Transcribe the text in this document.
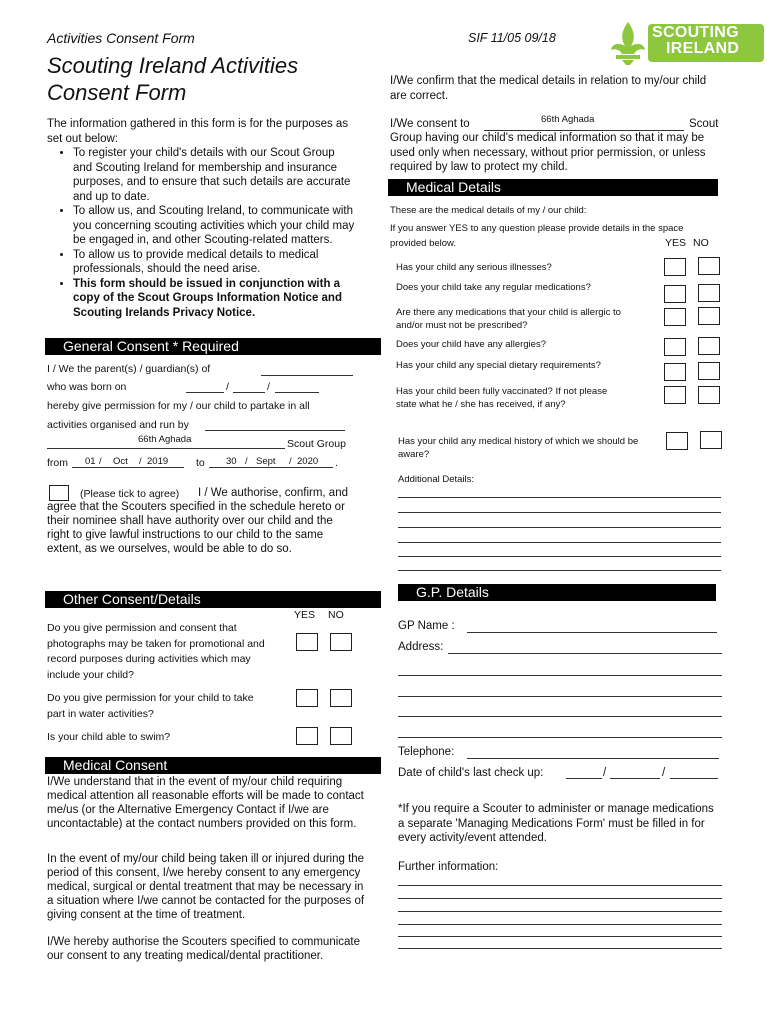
Activities Consent Form	SIF 11/05 09/18	SCOUTING
IRELAND
Scouting Ireland Activities
Consent Form
The information gathered in this form is for the purposes as set out below:
• To register your child's details with our Scout Group and Scouting Ireland for membership and insurance purposes, and to ensure that such details are accurate and up to date.
• To allow us, and Scouting Ireland, to communicate with you concerning scouting activities which your child may be engaged in, and other Scouting-related matters.
• To allow us to provide medical details to medical professionals, should the need arise.
• This form should be issued in conjunction with a copy of the Scout Groups Information Notice and Scouting Irelands Privacy Notice.
General Consent * Required
I / We the parent(s) / guardian(s) of
who was born on	/	/
hereby give permission for my / our child to partake in all
activities organised and run by
66th Aghada	Scout Group
from 01 / Oct / 2019	to 30 / Sept / 2020 .
(Please tick to agree)	I / We authorise, confirm, and agree that the Scouters specified in the schedule hereto or their nominee shall have authority over our child and the right to give lawful instructions to our child to the same extent, as we ourselves, would be able to do so.
Other Consent/Details
YES NO
Do you give permission and consent that photographs may be taken for promotional and record purposes during activities which may include your child?
Do you give permission for your child to take part in water activities?
Is your child able to swim?
Medical Consent
I/We understand that in the event of my/our child requiring medical attention all reasonable efforts will be made to contact me/us (or the Alternative Emergency Contact if I/we are uncontactable) at the contact numbers provided on this form.
In the event of my/our child being taken ill or injured during the period of this consent, I/we hereby consent to any emergency medical, surgical or dental treatment that may be necessary in a situation where I/we cannot be contacted for the purposes of giving consent at the time of treatment.
I/We hereby authorise the Scouters specified to communicate our consent to any treating medical/dental practitioner.
I/We confirm that the medical details in relation to my/our child are correct.
I/We consent to	66th Aghada	Scout
Group having our child's medical information so that it may be used only when necessary, without prior permission, or unless required by law to protect my child.
Medical Details
These are the medical details of my / our child:
If you answer YES to any question please provide details in the space provided below.	YES NO
Has your child any serious illnesses?
Does your child take any regular medications?
Are there any medications that your child is allergic to and/or must not be prescribed?
Does your child have any allergies?
Has your child any special dietary requirements?
Has your child been fully vaccinated? If not please state what he / she has received, if any?
Has your child any medical history of which we should be aware?
Additional Details:
G.P. Details
GP Name :
Address:
Telephone:
Date of child's last check up:	/	/
*If you require a Scouter to administer or manage medications a separate 'Managing Medications Form' must be filled in for every activity/event attended.
Further information:
